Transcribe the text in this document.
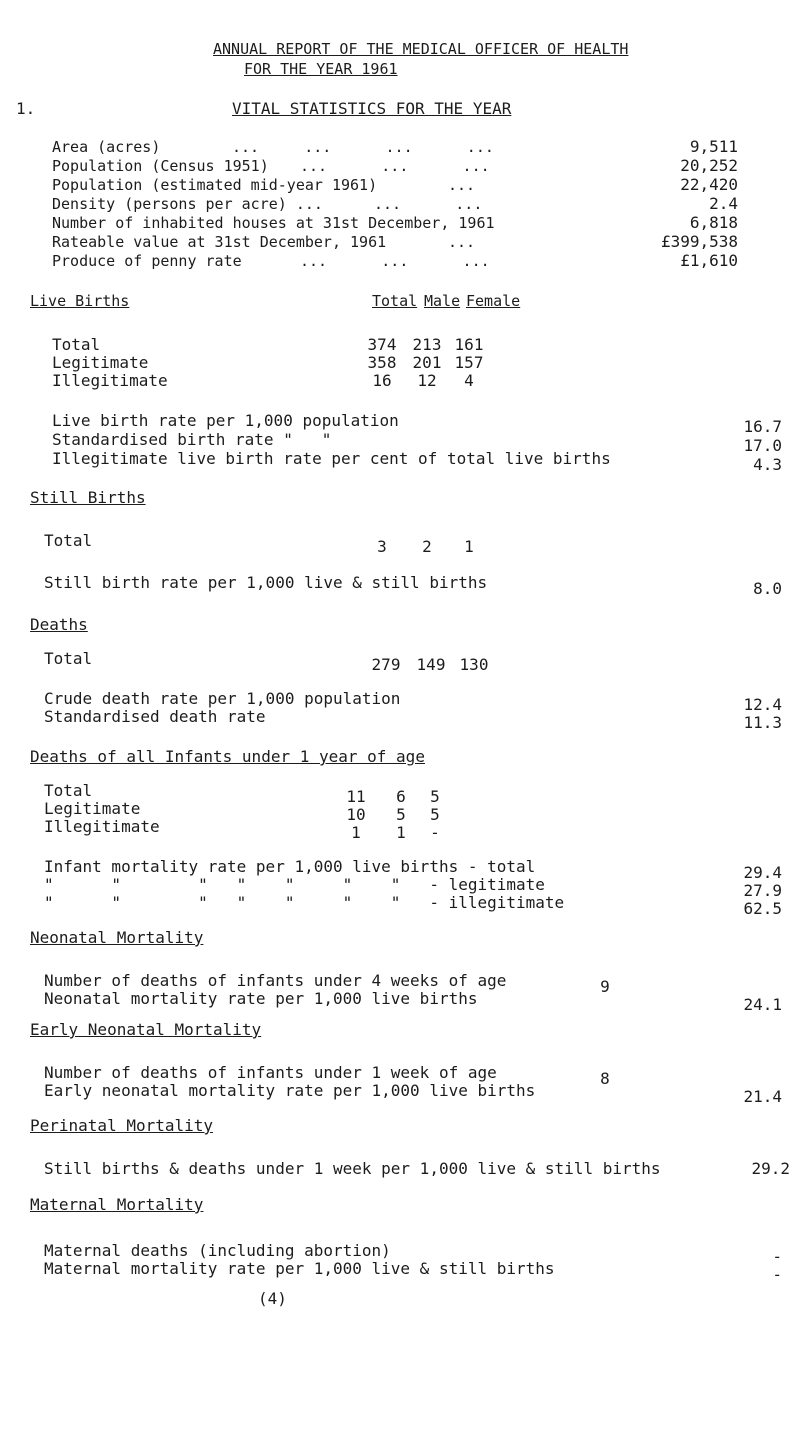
ANNUAL REPORT OF THE MEDICAL OFFICER OF HEALTH
FOR THE YEAR 1961
1.	VITAL STATISTICS FOR THE YEAR
Area (acres)	...     ...      ...      ...	9,511
Population (Census 1951) ...      ...      ...	20,252
Population (estimated mid-year 1961)	...	22,420
Density (persons per acre) ...	...      ...	2.4
Number of inhabited houses at 31st December, 1961	6,818
Rateable value at 31st December, 1961	...	£399,538
Produce of penny rate	...      ...      ...	£1,610
Live Births	Total Male Female
Total	374	213 161
Legitimate	358	201 157
Illegitimate	16	12	4
Live birth rate per 1,000 population	16.7
Standardised birth rate "   "	17.0
Illegitimate live birth rate per cent of total live births	4.3
Still Births
Total	3	2	1
Still birth rate per 1,000 live & still births	8.0
Deaths
Total	279	149 130
Crude death rate per 1,000 population	12.4
Standardised death rate	11.3
Deaths of all Infants under 1 year of age
Total	11	6	5
Legitimate	10	5	5
Illegitimate	1	1	-
Infant mortality rate per 1,000 live births - total	29.4
"      "        "   "    "     "    "   - legitimate	27.9
"      "        "   "    "     "    "   - illegitimate	62.5
Neonatal Mortality
Number of deaths of infants under 4 weeks of age	9
Neonatal mortality rate per 1,000 live births	24.1
Early Neonatal Mortality
Number of deaths of infants under 1 week of age	8
Early neonatal mortality rate per 1,000 live births	21.4
Perinatal Mortality
Still births & deaths under 1 week per 1,000 live & still births	29.2
Maternal Mortality
Maternal deaths (including abortion)	-
Maternal mortality rate per 1,000 live & still births	-
(4)
